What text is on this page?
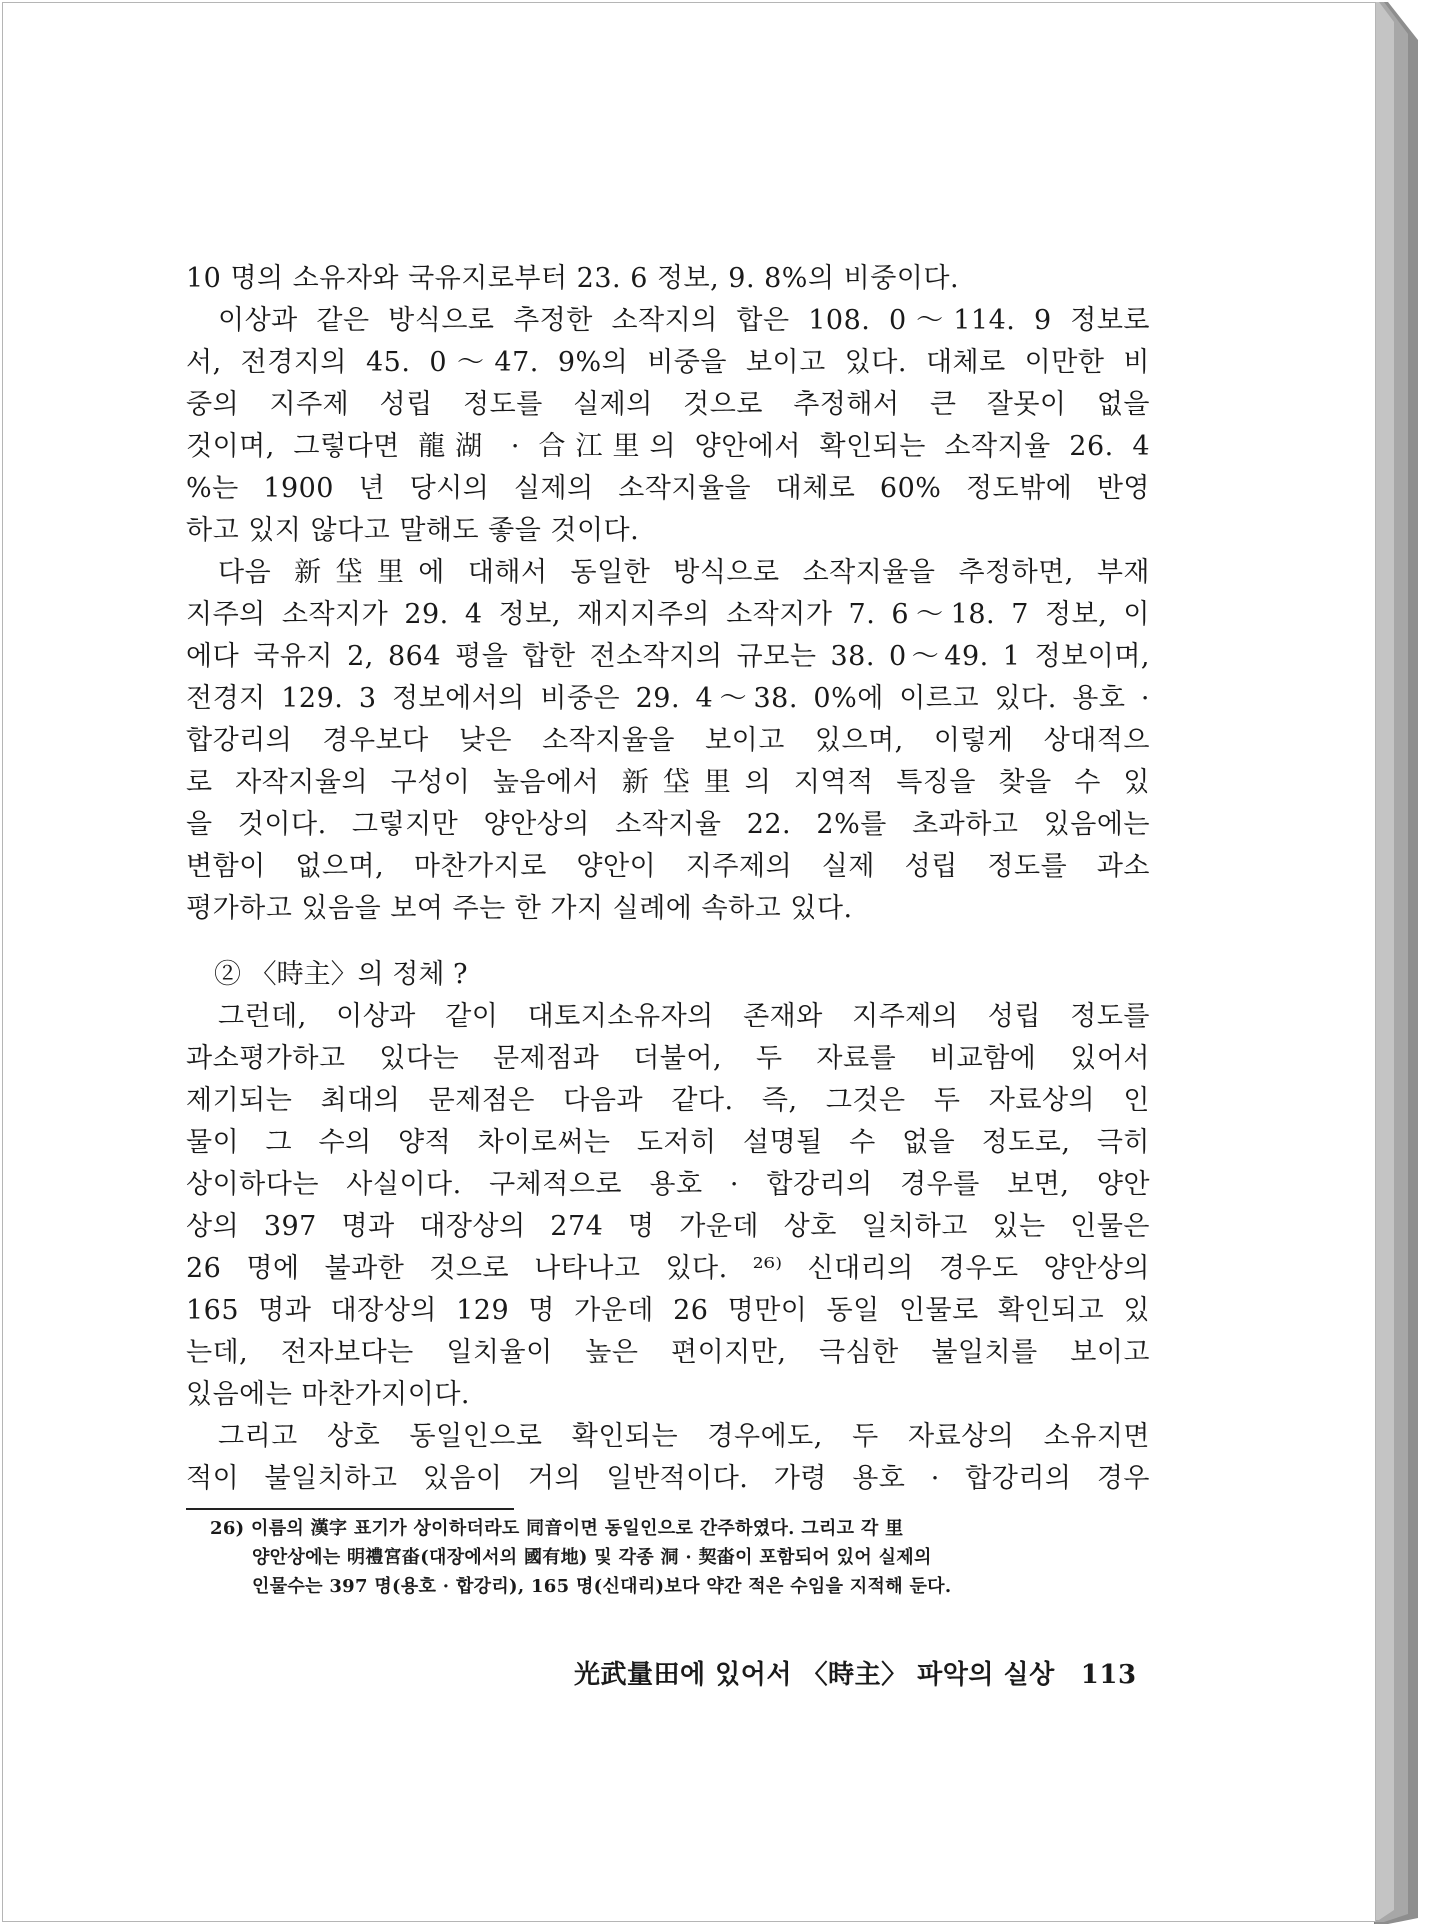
10 명의 소유자와 국유지로부터 23. 6 정보, 9. 8%의 비중이다.
이상과 같은 방식으로 추정한 소작지의 합은 108. 0～114. 9 정보로
서, 전경지의 45. 0～47. 9%의 비중을 보이고 있다. 대체로 이만한 비
중의 지주제 성립 정도를 실제의 것으로 추정해서 큰 잘못이 없을
것이며, 그렇다면 龍湖 · 合江里의 양안에서 확인되는 소작지율 26. 4
%는 1900 년 당시의 실제의 소작지율을 대체로 60% 정도밖에 반영
하고 있지 않다고 말해도 좋을 것이다.
다음 新垈里에 대해서 동일한 방식으로 소작지율을 추정하면, 부재
지주의 소작지가 29. 4 정보, 재지지주의 소작지가 7. 6～18. 7 정보, 이
에다 국유지 2, 864 평을 합한 전소작지의 규모는 38. 0～49. 1 정보이며,
전경지 129. 3 정보에서의 비중은 29. 4～38. 0%에 이르고 있다. 용호 ·
합강리의 경우보다 낮은 소작지율을 보이고 있으며, 이렇게 상대적으
로 자작지율의 구성이 높음에서 新垈里의 지역적 특징을 찾을 수 있
을 것이다. 그렇지만 양안상의 소작지율 22. 2%를 초과하고 있음에는
변함이 없으며, 마찬가지로 양안이 지주제의 실제 성립 정도를 과소
평가하고 있음을 보여 주는 한 가지 실례에 속하고 있다.
② 〈時主〉의 정체 ?
그런데, 이상과 같이 대토지소유자의 존재와 지주제의 성립 정도를
과소평가하고 있다는 문제점과 더불어, 두 자료를 비교함에 있어서
제기되는 최대의 문제점은 다음과 같다. 즉, 그것은 두 자료상의 인
물이 그 수의 양적 차이로써는 도저히 설명될 수 없을 정도로, 극히
상이하다는 사실이다. 구체적으로 용호 · 합강리의 경우를 보면, 양안
상의 397 명과 대장상의 274 명 가운데 상호 일치하고 있는 인물은
26 명에 불과한 것으로 나타나고 있다. ²⁶⁾ 신대리의 경우도 양안상의
165 명과 대장상의 129 명 가운데 26 명만이 동일 인물로 확인되고 있
는데, 전자보다는 일치율이 높은 편이지만, 극심한 불일치를 보이고
있음에는 마찬가지이다.
그리고 상호 동일인으로 확인되는 경우에도, 두 자료상의 소유지면
적이 불일치하고 있음이 거의 일반적이다. 가령 용호 · 합강리의 경우
26) 이름의 漢字 표기가 상이하더라도 同音이면 동일인으로 간주하였다. 그리고 각 里
양안상에는 明禮宮畓(대장에서의 國有地) 및 각종 洞 · 契畓이 포함되어 있어 실제의
인물수는 397 명(용호 · 합강리), 165 명(신대리)보다 약간 적은 수임을 지적해 둔다.
光武量田에 있어서 〈時主〉 파악의 실상 113
